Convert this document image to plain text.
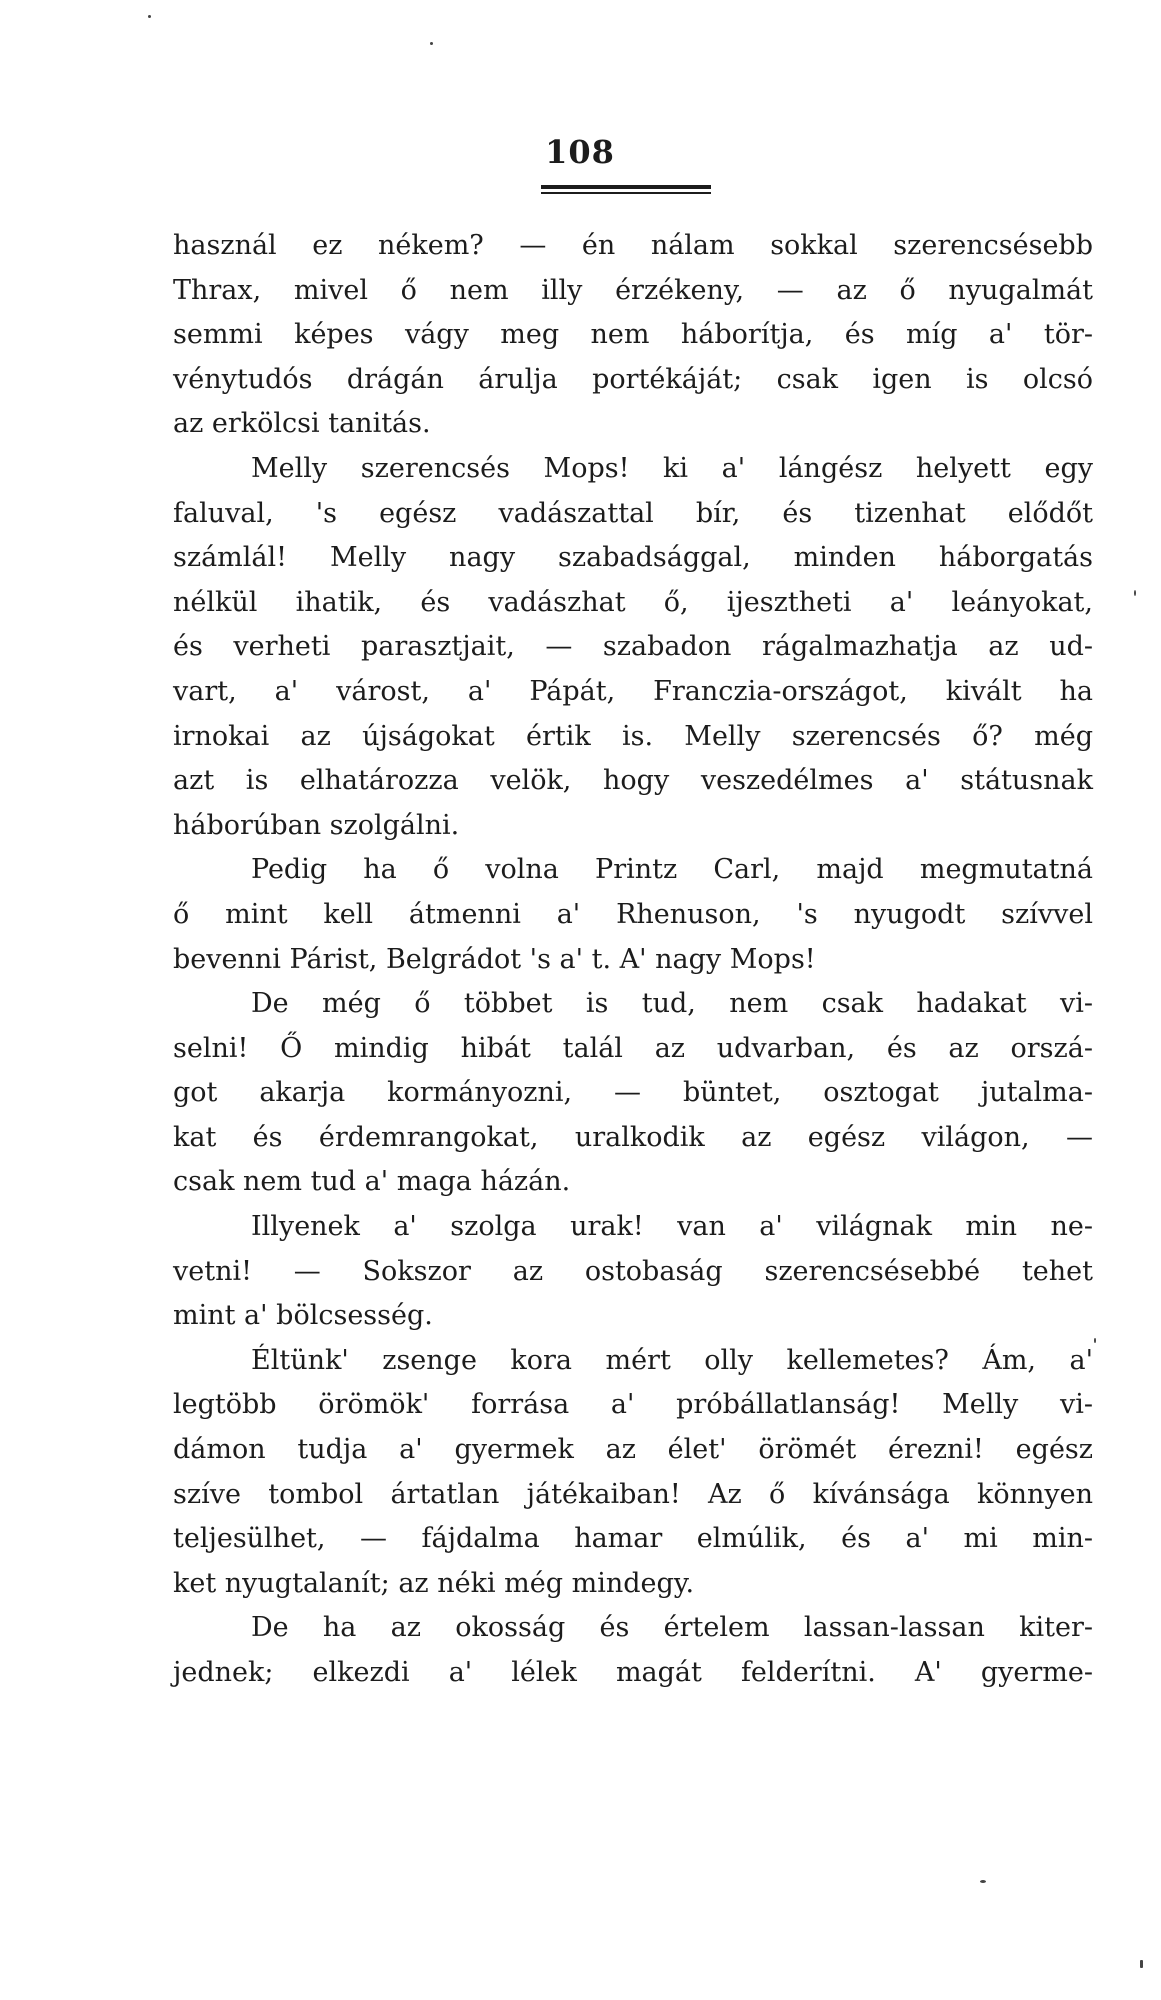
108
használ ez nékem? — én nálam sokkal szerencsésebb
Thrax, mivel ő nem illy érzékeny, — az ő nyugalmát
semmi képes vágy meg nem háborítja, és míg a' tör-
vénytudós drágán árulja portékáját; csak igen is olcsó
az erkölcsi tanitás.
Melly szerencsés Mops! ki a' lángész helyett egy
faluval, 's egész vadászattal bír, és tizenhat elődőt
számlál! Melly nagy szabadsággal, minden háborgatás
nélkül ihatik, és vadászhat ő, ijesztheti a' leányokat,
és verheti parasztjait, — szabadon rágalmazhatja az ud-
vart, a' várost, a' Pápát, Franczia-országot, kivált ha
irnokai az újságokat értik is. Melly szerencsés ő? még
azt is elhatározza velök, hogy veszedélmes a' státusnak
háborúban szolgálni.
Pedig ha ő volna Printz Carl, majd megmutatná
ő mint kell átmenni a' Rhenuson, 's nyugodt szívvel
bevenni Párist, Belgrádot 's a' t. A' nagy Mops!
De még ő többet is tud, nem csak hadakat vi-
selni! Ő mindig hibát talál az udvarban, és az orszá-
got akarja kormányozni, — büntet, osztogat jutalma-
kat és érdemrangokat, uralkodik az egész világon, —
csak nem tud a' maga házán.
Illyenek a' szolga urak! van a' világnak min ne-
vetni! — Sokszor az ostobaság szerencsésebbé tehet
mint a' bölcsesség.
Éltünk' zsenge kora mért olly kellemetes? Ám, a'
legtöbb örömök' forrása a' próbállatlanság! Melly vi-
dámon tudja a' gyermek az élet' örömét érezni! egész
szíve tombol ártatlan játékaiban! Az ő kívánsága könnyen
teljesülhet, — fájdalma hamar elmúlik, és a' mi min-
ket nyugtalanít; az néki még mindegy.
De ha az okosság és értelem lassan-lassan kiter-
jednek; elkezdi a' lélek magát felderítni. A' gyerme-
